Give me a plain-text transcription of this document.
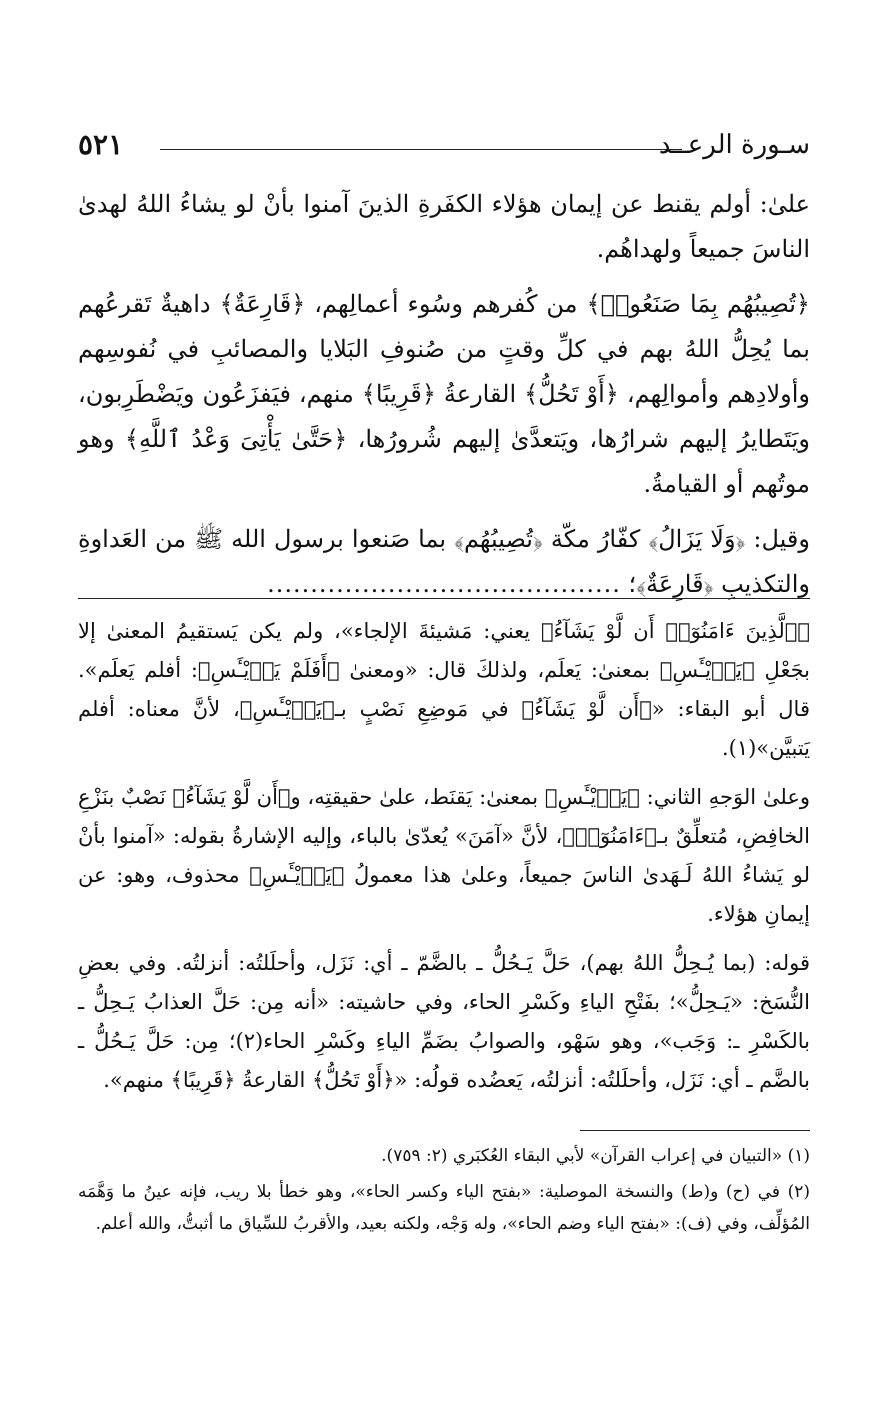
سـورة الرعــد
٥٢١

علىٰ: أولم يقنط عن إيمان هؤلاء الكفَرةِ الذينَ آمنوا بأنْ لو يشاءُ اللهُ لهدىٰ الناسَ جميعاً ولهداهُم.

﴿تُصِيبُهُم بِمَا صَنَعُوا۟﴾ من كُفرهم وسُوء أعمالِهم، ﴿قَارِعَةٌ﴾ داهيةٌ تَقرعُهم بما يُحِلُّ اللهُ بهم في كلِّ وقتٍ من صُنوفِ البَلايا والمصائبِ في نُفوسِهم وأولادِهم وأموالِهم، ﴿أَوْ تَحُلُّ﴾ القارعةُ ﴿قَرِيبًا﴾ منهم، فيَفزَعُون ويَضْطَرِبون، ويَتَطايرُ إليهم شرارُها، ويَتعدَّىٰ إليهم شُرورُها، ﴿حَتَّىٰ يَأْتِىَ وَعْدُ ٱللَّهِ﴾ وهو موتُهم أو القيامةُ.

وقيل: ﴿وَلَا يَزَالُ﴾ كفّارُ مكّة ﴿تُصِيبُهُم﴾ بما صَنعوا برسول الله ﷺ من العَداوةِ والتكذيبِ ﴿قَارِعَةٌ﴾؛ .........................................

﴿ٱلَّذِينَ ءَامَنُوٓا۟ أَن لَّوْ يَشَآءُ﴾ يعني: مَشيئةَ الإلجاء»، ولم يكن يَستقيمُ المعنىٰ إلا بجَعْلِ ﴿يَا۟يْـَٔسِ﴾ بمعنىٰ: يَعلَم، ولذلكَ قال: «ومعنىٰ ﴿أَفَلَمْ يَا۟يْـَٔسِ﴾: أفلم يَعلَم». قال أبو البقاء: «﴿أَن لَّوْ يَشَآءُ﴾ في مَوضِعِ نَصْبٍ بـ﴿يَا۟يْـَٔسِ﴾، لأنَّ معناه: أفلم يَتبيَّن»(١).

وعلىٰ الوَجهِ الثاني: ﴿يَا۟يْـَٔسِ﴾ بمعنىٰ: يَقنَط، علىٰ حقيقتِه، و﴿أَن لَّوْ يَشَآءُ﴾ نَصْبٌ بنَزْعِ الخافِضِ، مُتعلِّقٌ بـ﴿ءَامَنُوٓا۟﴾، لأنَّ «آمَنَ» يُعدّىٰ بالباء، وإليه الإشارةُ بقوله: «آمنوا بأنْ لو يَشاءُ اللهُ لَـهَدىٰ الناسَ جميعاً، وعلىٰ هذا معمولُ ﴿يَا۟يْـَٔسِ﴾ محذوف، وهو: عن إيمانِ هؤلاء.

قوله: (بما يُـحِلُّ اللهُ بهم)، حَلَّ يَـحُلُّ ـ بالضَّمّ ـ أي: نَزَل، وأحلَلتُه: أنزلتُه. وفي بعضِ النُّسَخ: «يَـحِلُّ»؛ بفَتْحِ الياءِ وكَسْرِ الحاء، وفي حاشيته: «أنه مِن: حَلَّ العذابُ يَـحِلُّ ـ بالكَسْرِ ـ: وَجَب»، وهو سَهْو، والصوابُ بضَمِّ الياءِ وكَسْرِ الحاء(٢)؛ مِن: حَلَّ يَـحُلُّ ـ بالضَّم ـ أي: نَزَل، وأحلَلتُه: أنزلتُه، يَعضُده قولُه: «﴿أَوْ تَحُلُّ﴾ القارعةُ ﴿قَرِيبًا﴾ منهم».

(١) «التبيان في إعراب القرآن» لأبي البقاء العُكبَري (٢: ٧٥٩).

(٢) في (ح) و(ط) والنسخة الموصلية: «بفتح الياء وكسر الحاء»، وهو خطأ بلا ريب، فإنه عينُ ما وَهَّمَه المُؤلِّف، وفي (ف): «بفتح الياء وضم الحاء»، وله وَجْه، ولكنه بعيد، والأقربُ للسِّياق ما أثبتُّ، والله أعلم.
